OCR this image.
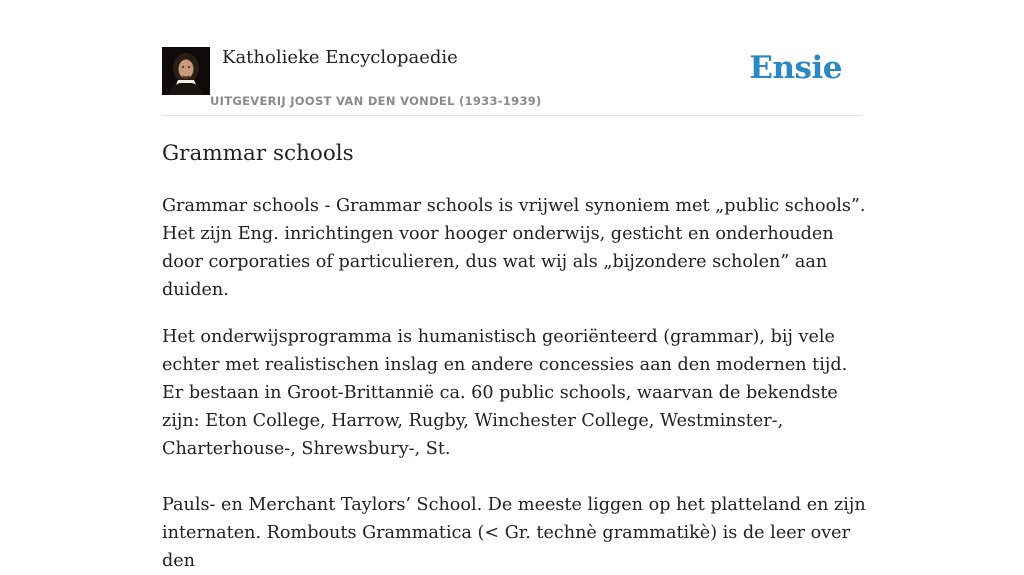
Katholieke Encyclopaedie
UITGEVERIJ JOOST VAN DEN VONDEL (1933-1939)
Ensie
Grammar schools

Grammar schools - Grammar schools is vrijwel synoniem met „public schools”. Het zijn Eng. inrichtingen voor hooger onderwijs, gesticht en onderhouden door corporaties of particulieren, dus wat wij als „bijzondere scholen” aan duiden.

Het onderwijsprogramma is humanistisch georiënteerd (grammar), bij vele echter met realistischen inslag en andere concessies aan den modernen tijd. Er bestaan in Groot-Brittannië ca. 60 public schools, waarvan de bekendste zijn: Eton College, Harrow, Rugby, Winchester College, Westminster-, Charterhouse-, Shrewsbury-, St.

Pauls- en Merchant Taylors’ School. De meeste liggen op het platteland en zijn internaten. Rombouts Grammatica (< Gr. technè grammatikè) is de leer over den
